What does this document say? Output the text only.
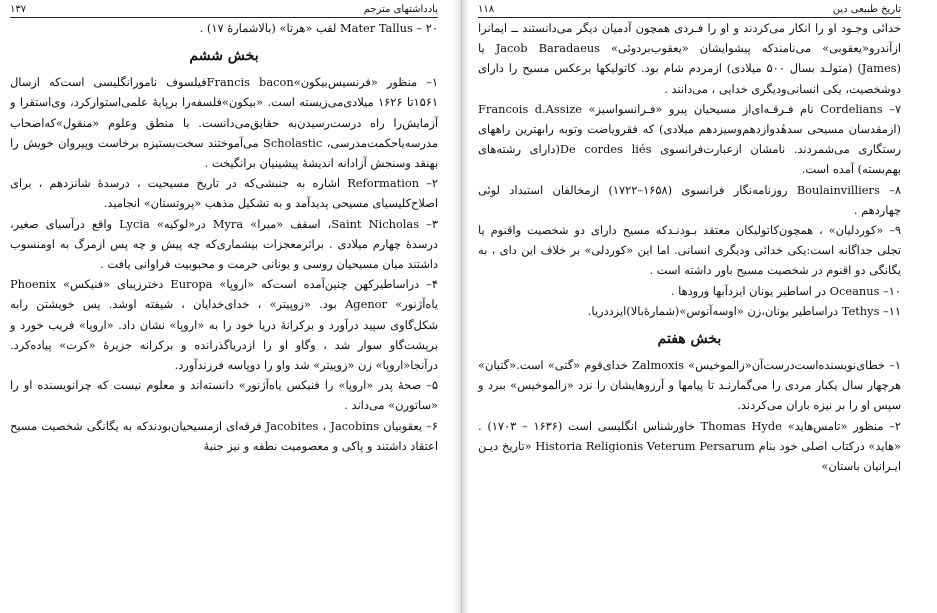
یادداشتهای مترجم
۱۳۷

۲۰ – Mater Tallus لقب «هرتا» (بالاشمارهٔ ۱۷) .

بخش ششم

۱– منظور «فرنسیس‌بیکون»Francis bacon‌فیلسوف نامورانگلیسی است‌که ازسال ۱۵۶۱تا ۱۶۲۶ میلادی‌می‌زیسته است. «بیکون»فلسفه‌را برپایهٔ علمی‌استوارکرد، وی‌استقرا و آزمایش‌را راه درست‌رسیدن‌به حقایق‌می‌دانست. با منطق وعلوم «منقول»که‌اصحاب مدرسه‌یاحکمت‌مدرسی، Scholastic می‌آموختند سخت‌بستیزه برخاست وپیروان خویش را بهنقد وسنجش آزادانه اندیشهٔ پیشینیان برانگیخت .

۲– Reformation اشاره به جنبشی‌که در تاریخ مسیحیت ، درسدهٔ شانزدهم ، برای اصلاح‌کلیسیای مسیحی پدیدآمد و به تشکیل مذهب «پروتستان» انجامید.

۳– Saint Nicholas، اسقف «میرا» Myra در«لوکیه» Lycia واقع درآسیای صغیر، درسدهٔ چهارم میلادی . براثرمعجزات بیشماری‌که چه پیش و چه پس ازمرگ به اومنسوب داشتند میان مسیحیان روسی و یونانی حرمت و محبوبیت فراوانی یافت .

۴– دراساطیرکهن چنین‌آمده است‌که «اروپا» Europa دخترزیبای «فنیکس» Phoenix یاه‌آژنور» Agenor بود. «زوپیتر» ، خدای‌خدایان ، شیفته اوشد. پس خویشتن رابه شکل‌گاوی سپید درآورد و برکرانهٔ دریا خود را به «اروپا» نشان داد. «اروپا» فریب خورد و برپشت‌گاو سوار شد ، وگاو او را ازدریاگذرانده و برکرانه جزیرهٔ «کرت» پیاده‌کرد. درآنجا«اروپا» زن «زوپیتر» شد واو را دوپاسه فرزندآورد.

۵– صحهٔ پدر «اروپا» را فنیکس یاه‌آژنور» دانسته‌اند و معلوم نیست که چرانویسنده او را «ساتورن» می‌داند .

۶– یعقوبیان Jacobites ، Jacobins فرقه‌ای ازمسیحیان‌بودندکه به یگانگی شخصیت مسیح اعتقاد داشتند و پاکی و معصومیت نطفه و نیز جنبهٔ

تاریخ طبیعی دین
۱۱۸

خدائی وجـود او را انکار می‌کردند و او را فـردی همچون آدمیان دیگر می‌دانستند ــ ایمانرا ازآندرو«یعقوبی» می‌نامندکه پیشوایشان «یعقوب‌بردوئی» Jacob Baradaeus یا (James) (متولـد بسال ۵۰۰ میلادی) ازمردم شام بود. کاتولیکها برعکس مسیح را دارای دوشخصیت، یکی انسانی‌ودیگری خدایی ، می‌دانند .

۷– Cordelians نام فـرقـه‌ای‌از مسیحیان پیرو «فـرانسواسیز» Francois d.Assize (ازمقدسان مسیحی سدهٔدوازدهم‌وسیزدهم میلادی) که فقرویاضت وتوبه رابهترین راههای رستگاری می‌شمردند. نامشان ازعبارت‌فرانسوی De cordes liés(دارای رشته‌های بهم‌بسته) آمده است.

۸– Boulainvilliers روزنامه‌نگار فرانسوی (۱۶۵۸–۱۷۲۲) ازمخالفان استبداد لوئی چهاردهم .

۹– «کوردلیان» ، همچون‌کاتولیکان معتقد بـودنـدکه مسیح دارای دو شخصیت واقنوم یا تجلی جداگانه است:یکی خدائی ودیگری انسانی. اما این «کوردلی» بر خلاف این دای ، به یگانگی دو اقنوم در شخصیت مسیح باور داشته است .

۱۰– Oceanus در اساطیر یونان ایزدآبها ورودها .

۱۱– Tethys دراساطیر یونان،زن «اوسه‌آنوس»(شمارهٔ‌بالا)ایزددریا.

بخش هفتم

۱– خطای‌نویسنده‌است‌درست‌آن‌«زالموخیس» Zalmoxis خدای‌قوم «گتی» است.«گتیان» هرچهار سال یکبار مردی را می‌گمارنـد تا پیامها و آرزوهایشان را نزد «زالموخیس» ببرد و سپس او را بر نیزه باران می‌کردند.

۲– منظور «تامس‌هاید» Thomas Hyde خاورشناس انگلیسی است (۱۶۳۶ – ۱۷۰۳) . «هاید» درکتاب اصلی خود بنام Historia Religionis Veterum Persarum «تاریخ دیـن ایـرانیان باستان»
